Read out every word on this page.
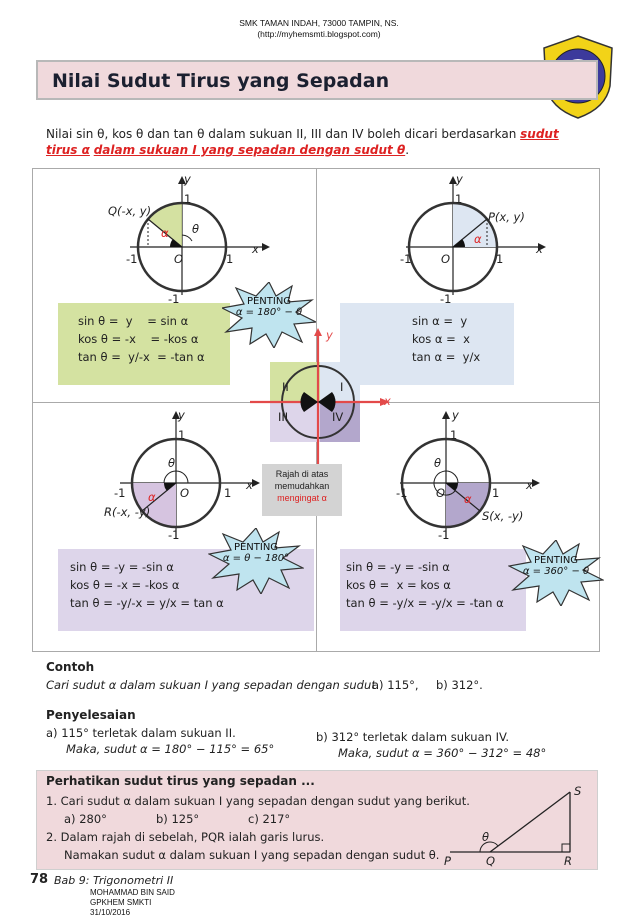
SMK TAMAN INDAH, 73000 TAMPIN, NS.
(http://myhemsmti.blogspot.com)
Nilai Sudut Tirus yang Sepadan
Nilai sin θ, kos θ dan tan θ dalam sukuan II, III dan IV boleh dicari berdasarkan sudut tirus α dalam sukuan I yang sepadan dengan sudut θ.
sin θ =  y    = sin α
kos θ = -x    = -kos α
tan θ =  y/-x  = -tan α
sin α =  y
kos α =  x
tan α =  y/x
sin θ = -y = -sin α
kos θ = -x = -kos α
tan θ = -y/-x = y/x = tan α
sin θ = -y = -sin α
kos θ =  x = kos α
tan θ = -y/x = -y/x = -tan α
Q(-x, y)
α θ
-1	1
O
1
-1
x
y
P(x, y)
α
-1	1
O
1
-1
x
y
R(-x, -y)
α
θ
-1	1
O
1
-1
x
y
S(x, -y)
α
θ
-1	1
O
1
-1
x
y
II	I
III	IV
x
y
Rajah di atas
memudahkan
mengingat α
PENTING
α = 180° − θ
PENTING
α = θ − 180°	PENTING
α = 360° − θ
Contoh
Cari sudut α dalam sukuan I yang sepadan dengan sudut
a) 115°, b) 312°.
Penyelesaian
a) 115° terletak dalam sukuan II.
Maka, sudut α = 180° − 115° = 65°
b) 312° terletak dalam sukuan IV.
Maka, sudut α = 360° − 312° = 48°
Perhatikan sudut tirus yang sepadan ...
1. Cari sudut α dalam sukuan I yang sepadan dengan sudut yang berikut.
a) 280°	b) 125°	c) 217°
2. Dalam rajah di sebelah, PQR ialah garis lurus.
Namakan sudut α dalam sukuan I yang sepadan dengan sudut θ.
S
P	Q	R
θ
78 Bab 9: Trigonometri II
MOHAMMAD BIN SAID
GPKHEM SMKTI
31/10/2016
